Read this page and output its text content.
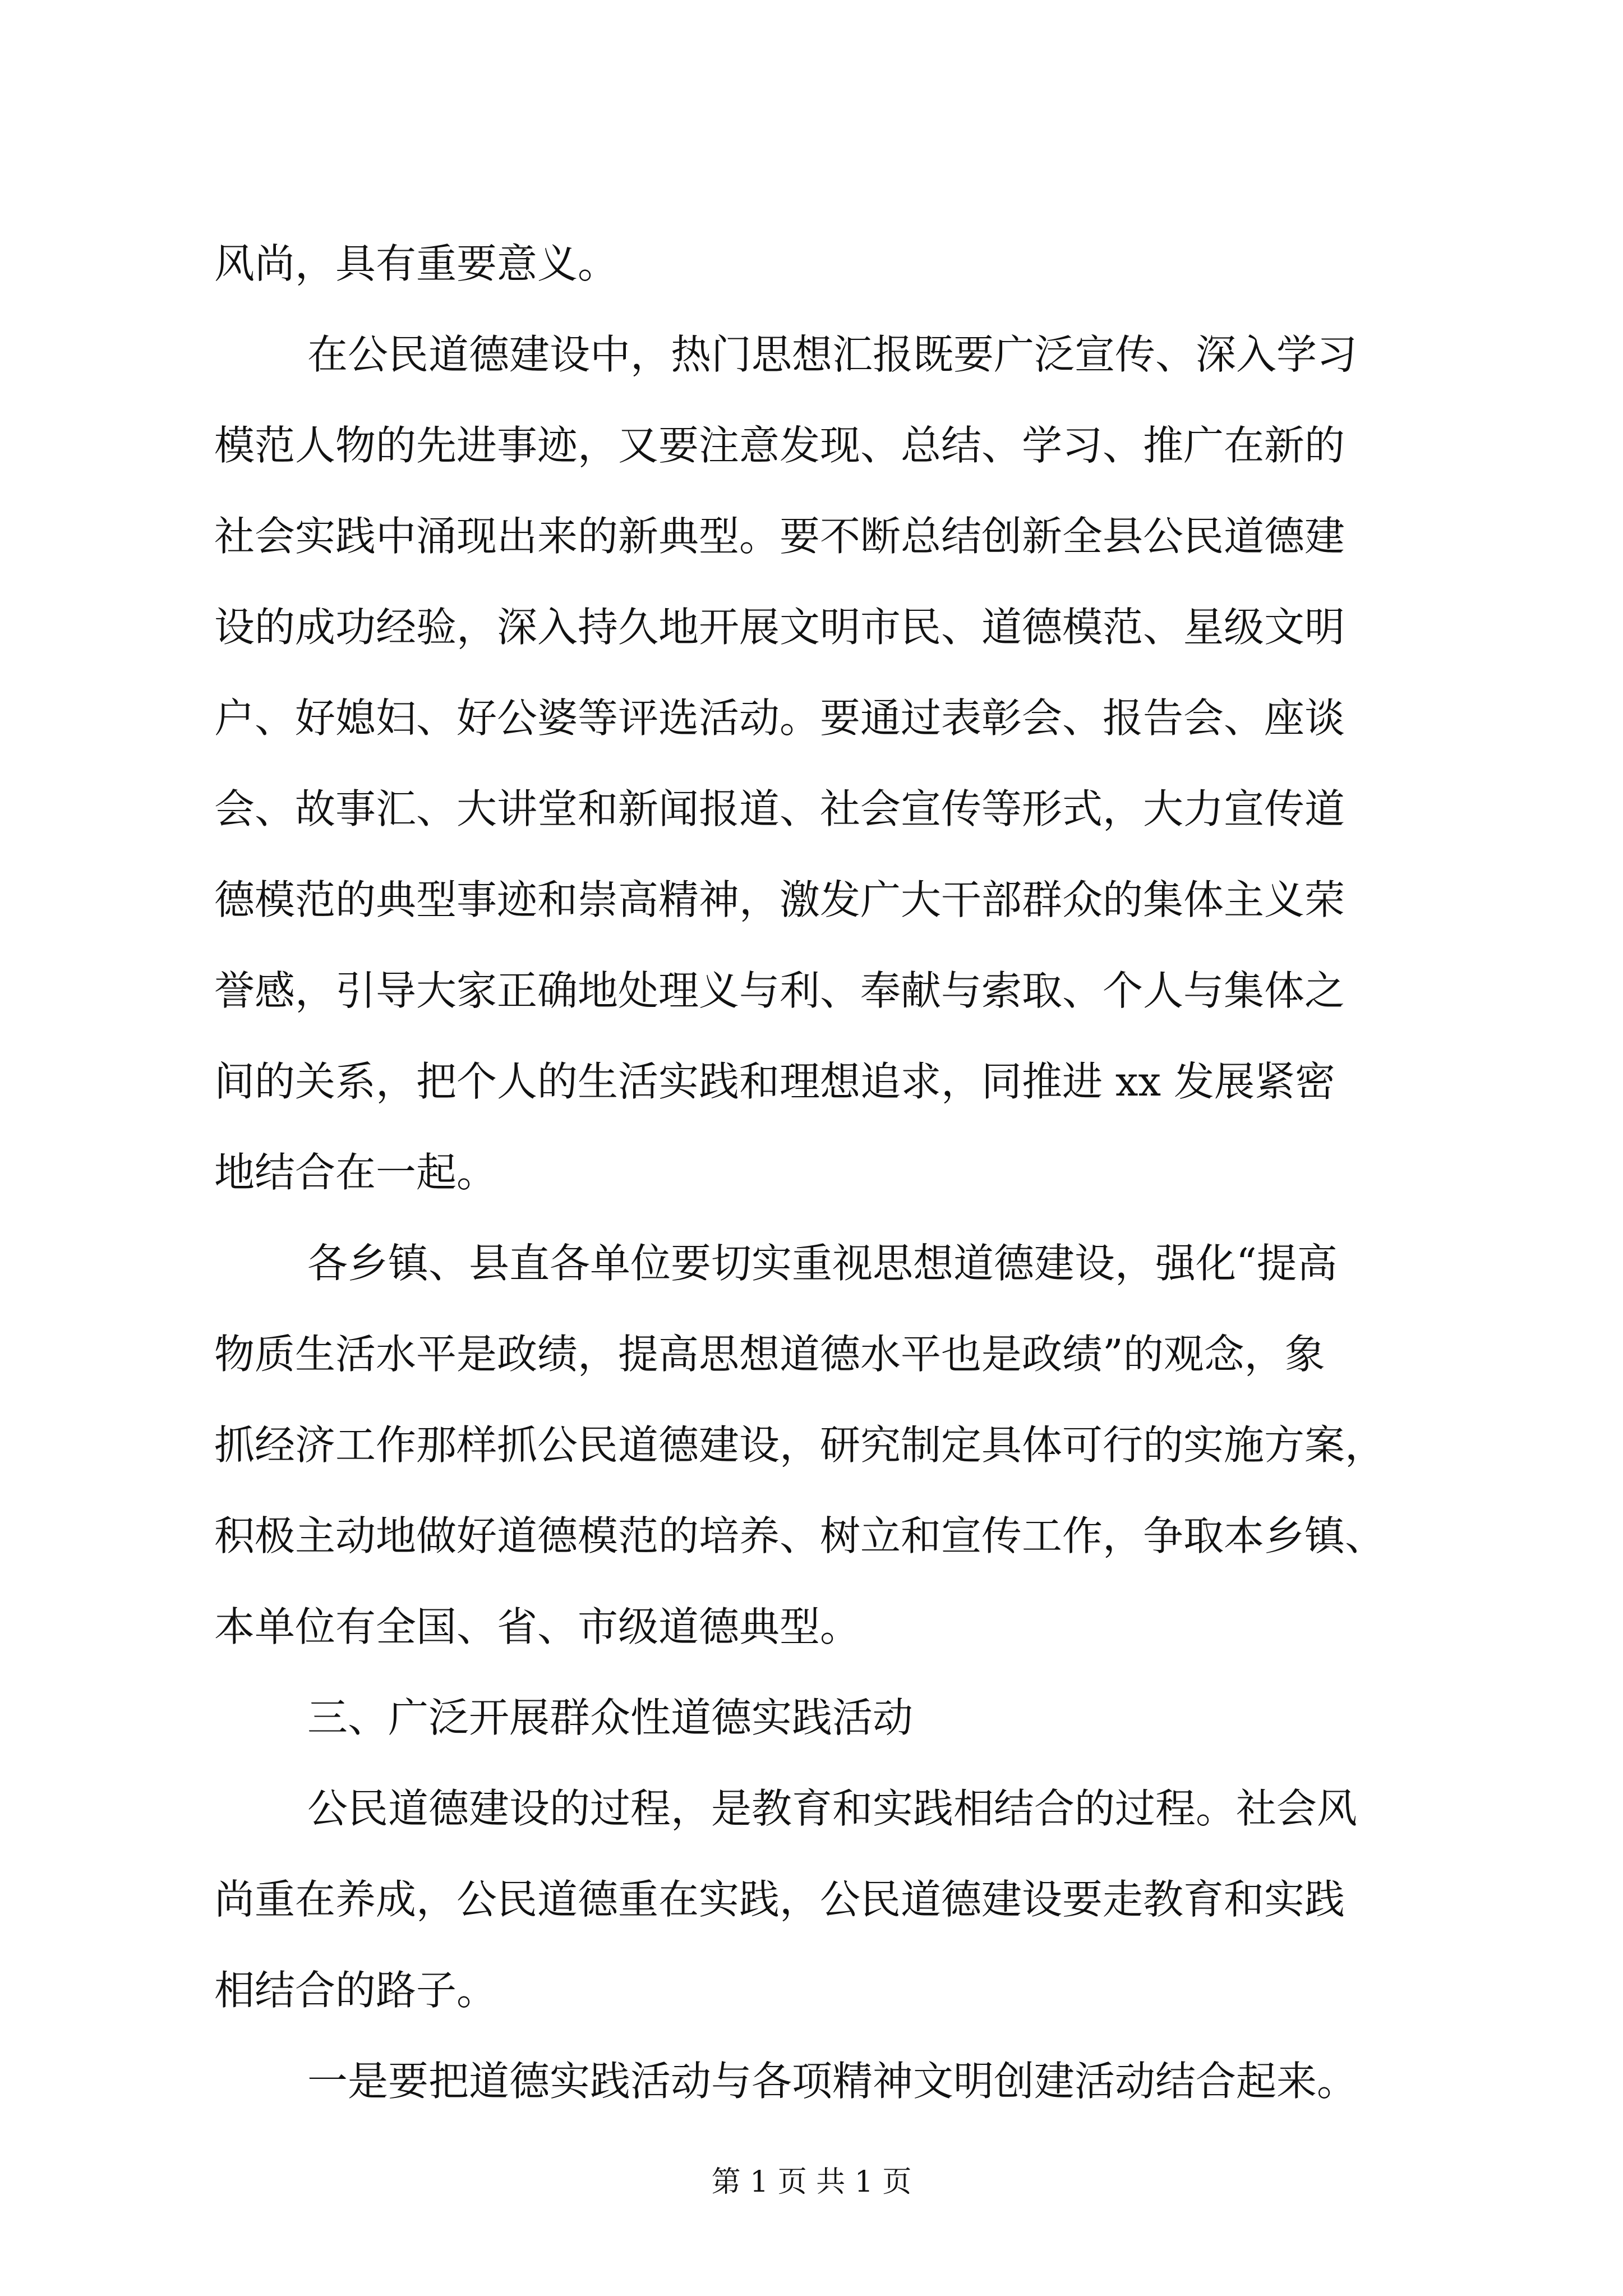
风尚，具有重要意义。
在公民道德建设中，热门思想汇报既要广泛宣传、深入学习
模范人物的先进事迹，又要注意发现、总结、学习、推广在新的
社会实践中涌现出来的新典型。要不断总结创新全县公民道德建
设的成功经验，深入持久地开展文明市民、道德模范、星级文明
户、好媳妇、好公婆等评选活动。要通过表彰会、报告会、座谈
会、故事汇、大讲堂和新闻报道、社会宣传等形式，大力宣传道
德模范的典型事迹和崇高精神，激发广大干部群众的集体主义荣
誉感，引导大家正确地处理义与利、奉献与索取、个人与集体之
间的关系，把个人的生活实践和理想追求，同推进 xx 发展紧密
地结合在一起。
各乡镇、县直各单位要切实重视思想道德建设，强化“提高
物质生活水平是政绩，提高思想道德水平也是政绩”的观念，象
抓经济工作那样抓公民道德建设，研究制定具体可行的实施方案，
积极主动地做好道德模范的培养、树立和宣传工作，争取本乡镇、
本单位有全国、省、市级道德典型。
三、广泛开展群众性道德实践活动
公民道德建设的过程，是教育和实践相结合的过程。社会风
尚重在养成，公民道德重在实践，公民道德建设要走教育和实践
相结合的路子。
一是要把道德实践活动与各项精神文明创建活动结合起来。
第 1 页 共 1 页
